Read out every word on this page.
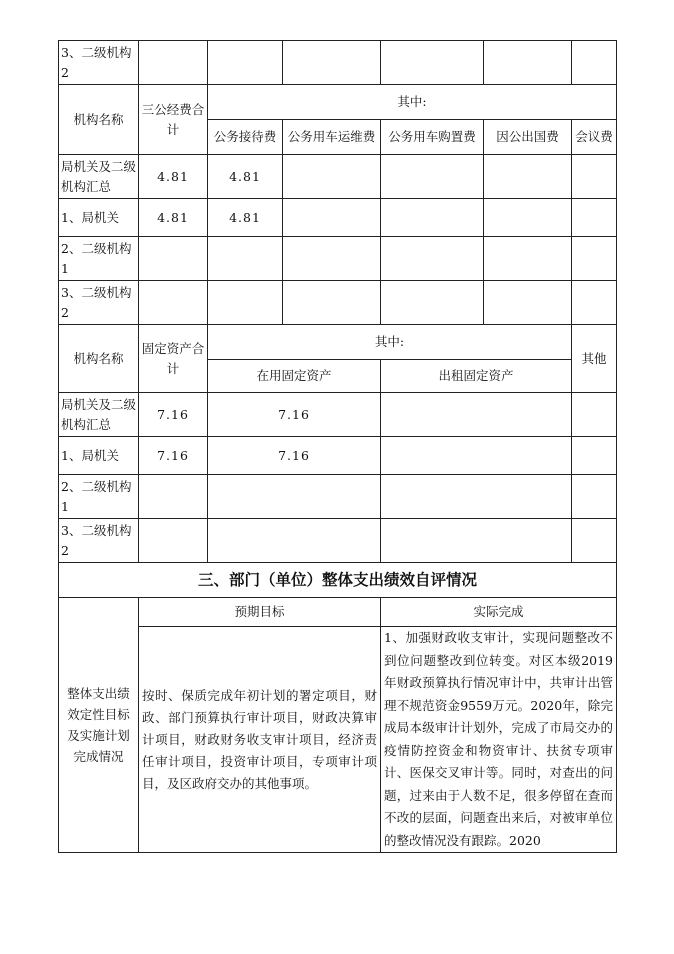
3、二级机构2						
机构名称	三公经费合计	其中:				
		公务接待费	公务用车运维费	公务用车购置费	因公出国费	会议费
局机关及二级机构汇总	4.81	4.81				
1、局机关	4.81	4.81				
2、二级机构1						
3、二级机构2						
机构名称	固定资产合计	其中:				其他
		在用固定资产		出租固定资产		
局机关及二级机构汇总	7.16	7.16				
1、局机关	7.16	7.16				
2、二级机构1						
3、二级机构2						
三、部门（单位）整体支出绩效自评情况						
整体支出绩效定性目标及实施计划完成情况	预期目标			实际完成		
	按时、保质完成年初计划的署定项目，财政、部门预算执行审计项目，财政决算审计项目，财政财务收支审计项目，经济责任审计项目，投资审计项目，专项审计项目，及区政府交办的其他事项。			1、加强财政收支审计，实现问题整改不到位问题整改到位转变。对区本级2019年财政预算执行情况审计中，共审计出管理不规范资金9559万元。2020年，除完成局本级审计计划外，完成了市局交办的疫情防控资金和物资审计、扶贫专项审计、医保交叉审计等。同时，对查出的问题，过来由于人数不足，很多停留在查而不改的层面，问题查出来后，对被审单位的整改情况没有跟踪。2020		
